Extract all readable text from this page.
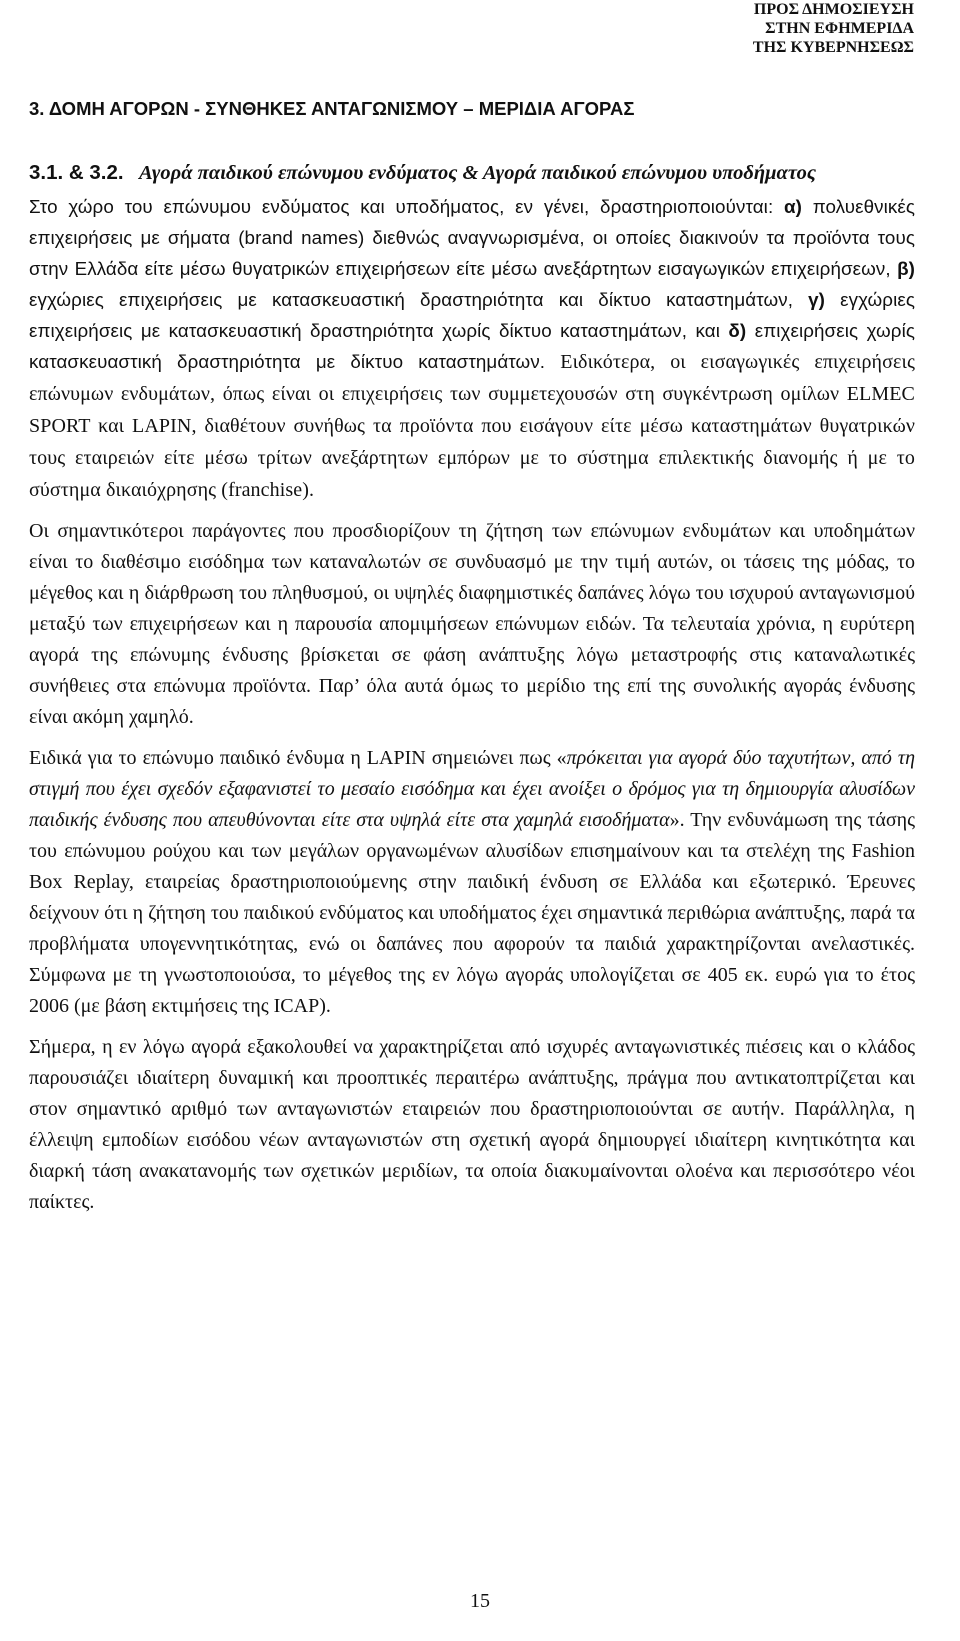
ΠΡΟΣ ΔΗΜΟΣΙΕΥΣΗ
ΣΤΗΝ ΕΦΗΜΕΡΙΔΑ
ΤΗΣ ΚΥΒΕΡΝΗΣΕΩΣ
3. ΔΟΜΗ ΑΓΟΡΩΝ - ΣΥΝΘΗΚΕΣ ΑΝΤΑΓΩΝΙΣΜΟΥ – ΜΕΡΙΔΙΑ ΑΓΟΡΑΣ
3.1. & 3.2. Αγορά παιδικού επώνυμου ενδύματος & Αγορά παιδικού επώνυμου υποδήματος

Στο χώρο του επώνυμου ενδύματος και υποδήματος, εν γένει, δραστηριοποιούνται: α) πολυεθνικές επιχειρήσεις με σήματα (brand names) διεθνώς αναγνωρισμένα, οι οποίες διακινούν τα προϊόντα τους στην Ελλάδα είτε μέσω θυγατρικών επιχειρήσεων είτε μέσω ανεξάρτητων εισαγωγικών επιχειρήσεων, β) εγχώριες επιχειρήσεις με κατασκευαστική δραστηριότητα και δίκτυο καταστημάτων, γ) εγχώριες επιχειρήσεις με κατασκευαστική δραστηριότητα χωρίς δίκτυο καταστημάτων, και δ) επιχειρήσεις χωρίς κατασκευαστική δραστηριότητα με δίκτυο καταστημάτων. Ειδικότερα, οι εισαγωγικές επιχειρήσεις επώνυμων ενδυμάτων, όπως είναι οι επιχειρήσεις των συμμετεχουσών στη συγκέντρωση ομίλων ELMEC SPORT και LAPIN, διαθέτουν συνήθως τα προϊόντα που εισάγουν είτε μέσω καταστημάτων θυγατρικών τους εταιρειών είτε μέσω τρίτων ανεξάρτητων εμπόρων με το σύστημα επιλεκτικής διανομής ή με το σύστημα δικαιόχρησης (franchise).

Οι σημαντικότεροι παράγοντες που προσδιορίζουν τη ζήτηση των επώνυμων ενδυμάτων και υποδημάτων είναι το διαθέσιμο εισόδημα των καταναλωτών σε συνδυασμό με την τιμή αυτών, οι τάσεις της μόδας, το μέγεθος και η διάρθρωση του πληθυσμού, οι υψηλές διαφημιστικές δαπάνες λόγω του ισχυρού ανταγωνισμού μεταξύ των επιχειρήσεων και η παρουσία απομιμήσεων επώνυμων ειδών. Τα τελευταία χρόνια, η ευρύτερη αγορά της επώνυμης ένδυσης βρίσκεται σε φάση ανάπτυξης λόγω μεταστροφής στις καταναλωτικές συνήθειες στα επώνυμα προϊόντα. Παρ’ όλα αυτά όμως το μερίδιο της επί της συνολικής αγοράς ένδυσης είναι ακόμη χαμηλό.

Ειδικά για το επώνυμο παιδικό ένδυμα η LAPIN σημειώνει πως «πρόκειται για αγορά δύο ταχυτήτων, από τη στιγμή που έχει σχεδόν εξαφανιστεί το μεσαίο εισόδημα και έχει ανοίξει ο δρόμος για τη δημιουργία αλυσίδων παιδικής ένδυσης που απευθύνονται είτε στα υψηλά είτε στα χαμηλά εισοδήματα». Την ενδυνάμωση της τάσης του επώνυμου ρούχου και των μεγάλων οργανωμένων αλυσίδων επισημαίνουν και τα στελέχη της Fashion Box Replay, εταιρείας δραστηριοποιούμενης στην παιδική ένδυση σε Ελλάδα και εξωτερικό. Έρευνες δείχνουν ότι η ζήτηση του παιδικού ενδύματος και υποδήματος έχει σημαντικά περιθώρια ανάπτυξης, παρά τα προβλήματα υπογεννητικότητας, ενώ οι δαπάνες που αφορούν τα παιδιά χαρακτηρίζονται ανελαστικές. Σύμφωνα με τη γνωστοποιούσα, το μέγεθος της εν λόγω αγοράς υπολογίζεται σε 405 εκ. ευρώ για το έτος 2006 (με βάση εκτιμήσεις της ICAP).

Σήμερα, η εν λόγω αγορά εξακολουθεί να χαρακτηρίζεται από ισχυρές ανταγωνιστικές πιέσεις και ο κλάδος παρουσιάζει ιδιαίτερη δυναμική και προοπτικές περαιτέρω ανάπτυξης, πράγμα που αντικατοπτρίζεται και στον σημαντικό αριθμό των ανταγωνιστών εταιρειών που δραστηριοποιούνται σε αυτήν. Παράλληλα, η έλλειψη εμποδίων εισόδου νέων ανταγωνιστών στη σχετική αγορά δημιουργεί ιδιαίτερη κινητικότητα και διαρκή τάση ανακατανομής των σχετικών μεριδίων, τα οποία διακυμαίνονται ολοένα και περισσότερο νέοι παίκτες.

15
